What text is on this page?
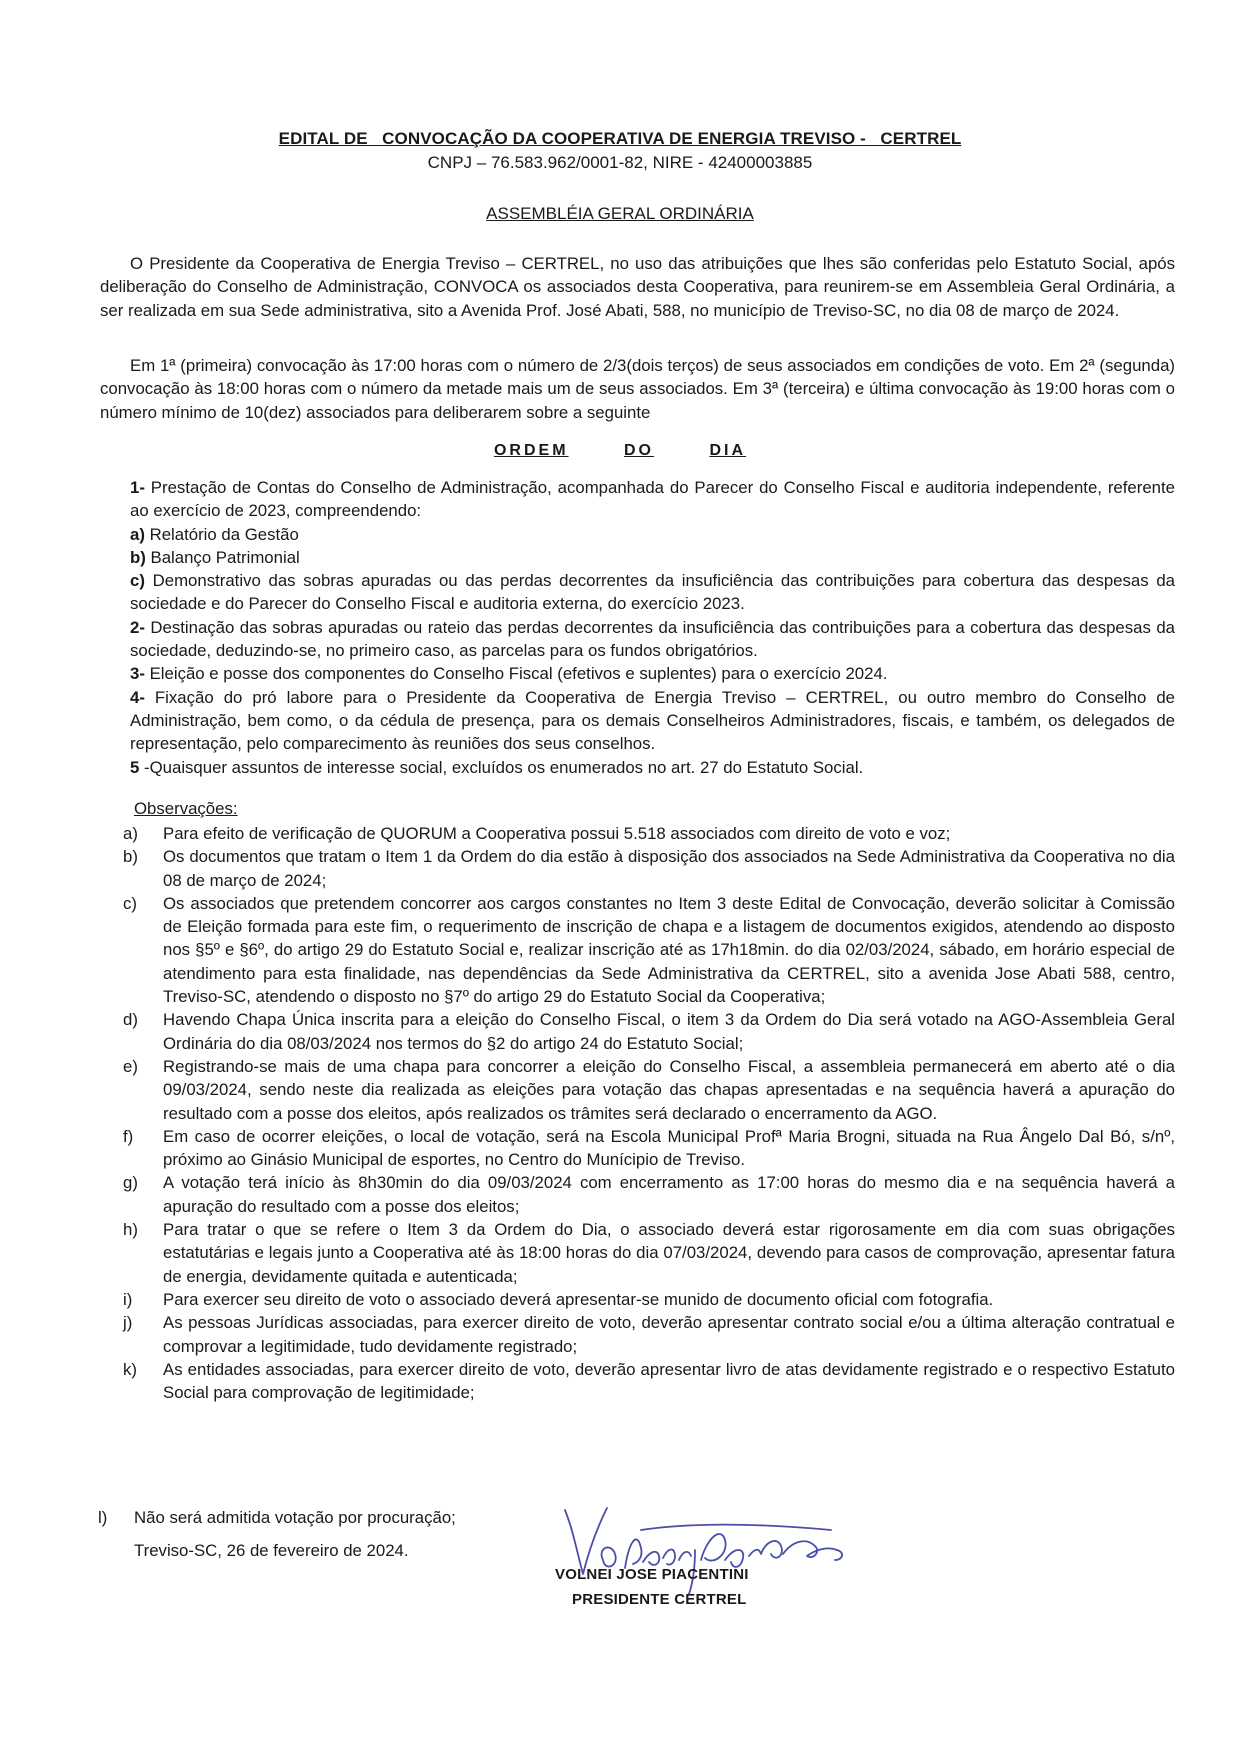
EDITAL DE   CONVOCAÇÃO DA COOPERATIVA DE ENERGIA TREVISO -   CERTREL

CNPJ – 76.583.962/0001-82, NIRE - 42400003885

ASSEMBLÉIA GERAL ORDINÁRIA

O Presidente da Cooperativa de Energia Treviso – CERTREL, no uso das atribuições que lhes são conferidas pelo Estatuto Social, após deliberação do Conselho de Administração, CONVOCA os associados desta Cooperativa, para reunirem-se em Assembleia Geral Ordinária, a ser realizada em sua Sede administrativa, sito a Avenida Prof. José Abati, 588, no município de Treviso-SC, no dia 08 de março de 2024.

Em 1ª (primeira) convocação às 17:00 horas com o número de 2/3(dois terços) de seus associados em condições de voto. Em 2ª (segunda) convocação às 18:00 horas com o número da metade mais um de seus associados. Em 3ª (terceira) e última convocação às 19:00 horas com o número mínimo de 10(dez) associados para deliberarem sobre a seguinte

ORDEM	DO	DIA

1- Prestação de Contas do Conselho de Administração, acompanhada do Parecer do Conselho Fiscal e auditoria independente, referente ao exercício de 2023, compreendendo:

a) Relatório da Gestão

b) Balanço Patrimonial

c) Demonstrativo das sobras apuradas ou das perdas decorrentes da insuficiência das contribuições para cobertura das despesas da sociedade e do Parecer do Conselho Fiscal e auditoria externa, do exercício 2023.

2- Destinação das sobras apuradas ou rateio das perdas decorrentes da insuficiência das contribuições para a cobertura das despesas da sociedade, deduzindo-se, no primeiro caso, as parcelas para os fundos obrigatórios.

3- Eleição e posse dos componentes do Conselho Fiscal (efetivos e suplentes) para o exercício 2024.

4- Fixação do pró labore para o Presidente da Cooperativa de Energia Treviso – CERTREL, ou outro membro do Conselho de Administração, bem como, o da cédula de presença, para os demais Conselheiros Administradores, fiscais, e também, os delegados de representação, pelo comparecimento às reuniões dos seus conselhos.

5 -Quaisquer assuntos de interesse social, excluídos os enumerados no art. 27 do Estatuto Social.

Observações:

a)	Para efeito de verificação de QUORUM a Cooperativa possui 5.518 associados com direito de voto e voz;
b)	Os documentos que tratam o Item 1 da Ordem do dia estão à disposição dos associados na Sede Administrativa da Cooperativa no dia 08 de março de 2024;
c)	Os associados que pretendem concorrer aos cargos constantes no Item 3 deste Edital de Convocação, deverão solicitar à Comissão de Eleição formada para este fim, o requerimento de inscrição de chapa e a listagem de documentos exigidos, atendendo ao disposto nos §5º e §6º, do artigo 29 do Estatuto Social e, realizar inscrição até as 17h18min. do dia 02/03/2024, sábado, em horário especial de atendimento para esta finalidade, nas dependências da Sede Administrativa da CERTREL, sito a avenida Jose Abati 588, centro, Treviso-SC, atendendo o disposto no §7º do artigo 29 do Estatuto Social da Cooperativa;
d)	Havendo Chapa Única inscrita para a eleição do Conselho Fiscal, o item 3 da Ordem do Dia será votado na AGO-Assembleia Geral Ordinária do dia 08/03/2024 nos termos do §2 do artigo 24 do Estatuto Social;
e)	Registrando-se mais de uma chapa para concorrer a eleição do Conselho Fiscal, a assembleia permanecerá em aberto até o dia 09/03/2024, sendo neste dia realizada as eleições para votação das chapas apresentadas e na sequência haverá a apuração do resultado com a posse dos eleitos, após realizados os trâmites será declarado o encerramento da AGO.
f)	Em caso de ocorrer eleições, o local de votação, será na Escola Municipal Profª Maria Brogni, situada na Rua Ângelo Dal Bó, s/nº, próximo ao Ginásio Municipal de esportes, no Centro do Munícipio de Treviso.
g)	A votação terá início às 8h30min do dia 09/03/2024 com encerramento as 17:00 horas do mesmo dia e na sequência haverá a apuração do resultado com a posse dos eleitos;
h)	Para tratar o que se refere o Item 3 da Ordem do Dia, o associado deverá estar rigorosamente em dia com suas obrigações estatutárias e legais junto a Cooperativa até às 18:00 horas do dia 07/03/2024, devendo para casos de comprovação, apresentar fatura de energia, devidamente quitada e autenticada;
i)	Para exercer seu direito de voto o associado deverá apresentar-se munido de documento oficial com fotografia.
j)	As pessoas Jurídicas associadas, para exercer direito de voto, deverão apresentar contrato social e/ou a última alteração contratual e comprovar a legitimidade, tudo devidamente registrado;
k)	As entidades associadas, para exercer direito de voto, deverão apresentar livro de atas devidamente registrado e o respectivo Estatuto Social para comprovação de legitimidade;
l)	Não será admitida votação por procuração;

Treviso-SC, 26 de fevereiro de 2024.

VOLNEI JOSE PIACENTINI

PRESIDENTE CERTREL
